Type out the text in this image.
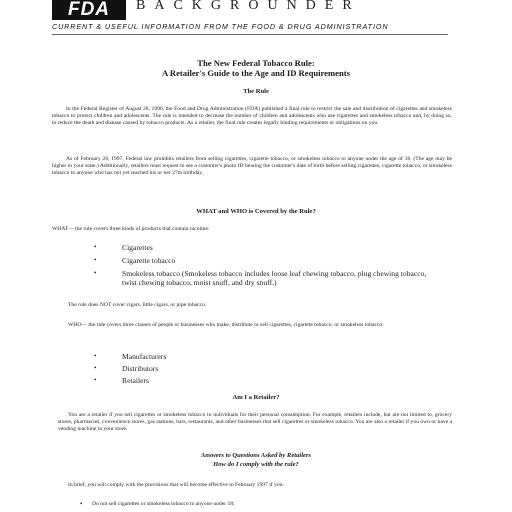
FDA	BACKGROUNDER
CURRENT & USEFUL INFORMATION FROM THE FOOD & DRUG ADMINISTRATION
The New Federal Tobacco Rule:
A Retailer's Guide to the Age and ID Requirements
The Rule
In the Federal Register of August 28, 1996, the Food and Drug Administration (FDA) published a final rule to restrict the sale and distribution of cigarettes and smokeless tobacco to protect children and adolescents. The rule is intended to decrease the number of children and adolescents who use cigarettes and smokeless tobacco and, by doing so, to reduce the death and disease caused by tobacco products. As a retailer, the final rule creates legally binding requirements or obligations on you.
As of February 28, 1997, Federal law prohibits retailers from selling cigarettes, cigarette tobacco, or smokeless tobacco to anyone under the age of 18. (The age may be higher in your state.) Additionally, retailers must request to see a customer's photo ID bearing the customer's date of birth before selling cigarettes, cigarette tobacco, or smokeless tobacco to anyone who has not yet reached his or her 27th birthday.
WHAT and WHO is Covered by the Rule?
WHAT— the rule covers three kinds of products that contain nicotine:
•	Cigarettes
•	Cigarette tobacco
•	Smokeless tobacco (Smokeless tobacco includes loose leaf chewing tobacco, plug chewing tobacco, twist chewing tobacco, moist snuff, and dry snuff.)
The rule does NOT cover cigars, little cigars, or pipe tobacco.
WHO— the rule covers three classes of people or businesses who make, distribute or sell cigarettes, cigarette tobacco, or smokeless tobacco:
•	Manufacturers
•	Distributors
•	Retailers
Am I a Retailer?
You are a retailer if you sell cigarettes or smokeless tobacco to individuals for their personal consumption. For example, retailers include, but are not limited to, grocery stores, pharmacies, convenience stores, gas stations, bars, restaurants, and other businesses that sell cigarettes or smokeless tobacco. You are also a retailer if you own or have a vending machine in your store.
Answers to Questions Asked by Retailers
How do I comply with the rule?
In brief, you will comply with the provisions that will become effective in February 1997 if you:
• Do not sell cigarettes or smokeless tobacco to anyone under 18;
